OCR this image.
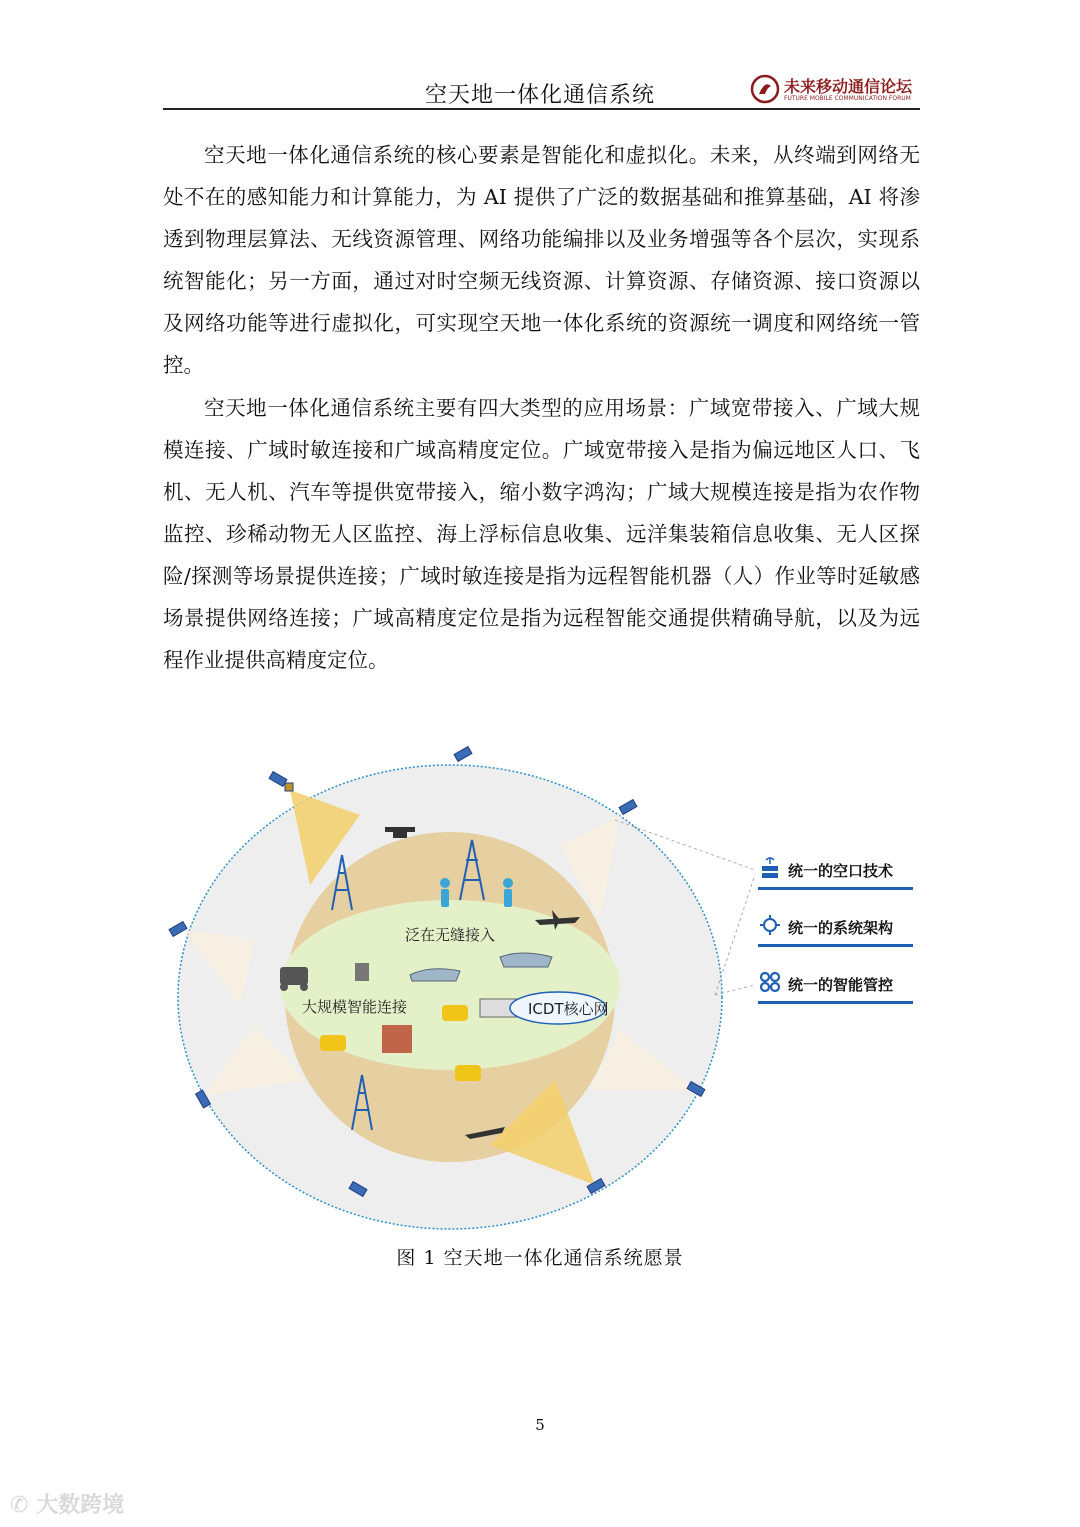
空天地一体化通信系统	未来移动通信论坛
FUTURE MOBILE COMMUNICATION FORUM

空天地一体化通信系统的核心要素是智能化和虚拟化。未来，从终端到网络无处不在的感知能力和计算能力，为 AI 提供了广泛的数据基础和推算基础，AI 将渗透到物理层算法、无线资源管理、网络功能编排以及业务增强等各个层次，实现系统智能化；另一方面，通过对时空频无线资源、计算资源、存储资源、接口资源以及网络功能等进行虚拟化，可实现空天地一体化系统的资源统一调度和网络统一管控。

空天地一体化通信系统主要有四大类型的应用场景：广域宽带接入、广域大规模连接、广域时敏连接和广域高精度定位。广域宽带接入是指为偏远地区人口、飞机、无人机、汽车等提供宽带接入，缩小数字鸿沟；广域大规模连接是指为农作物监控、珍稀动物无人区监控、海上浮标信息收集、远洋集装箱信息收集、无人区探险/探测等场景提供连接；广域时敏连接是指为远程智能机器（人）作业等时延敏感场景提供网络连接；广域高精度定位是指为远程智能交通提供精确导航，以及为远程作业提供高精度定位。

泛在无缝接入
大规模智能连接	ICDT核心网
统一的空口技术
统一的系统架构
统一的智能管控
图 1 空天地一体化通信系统愿景
5
✆ 大数跨境
